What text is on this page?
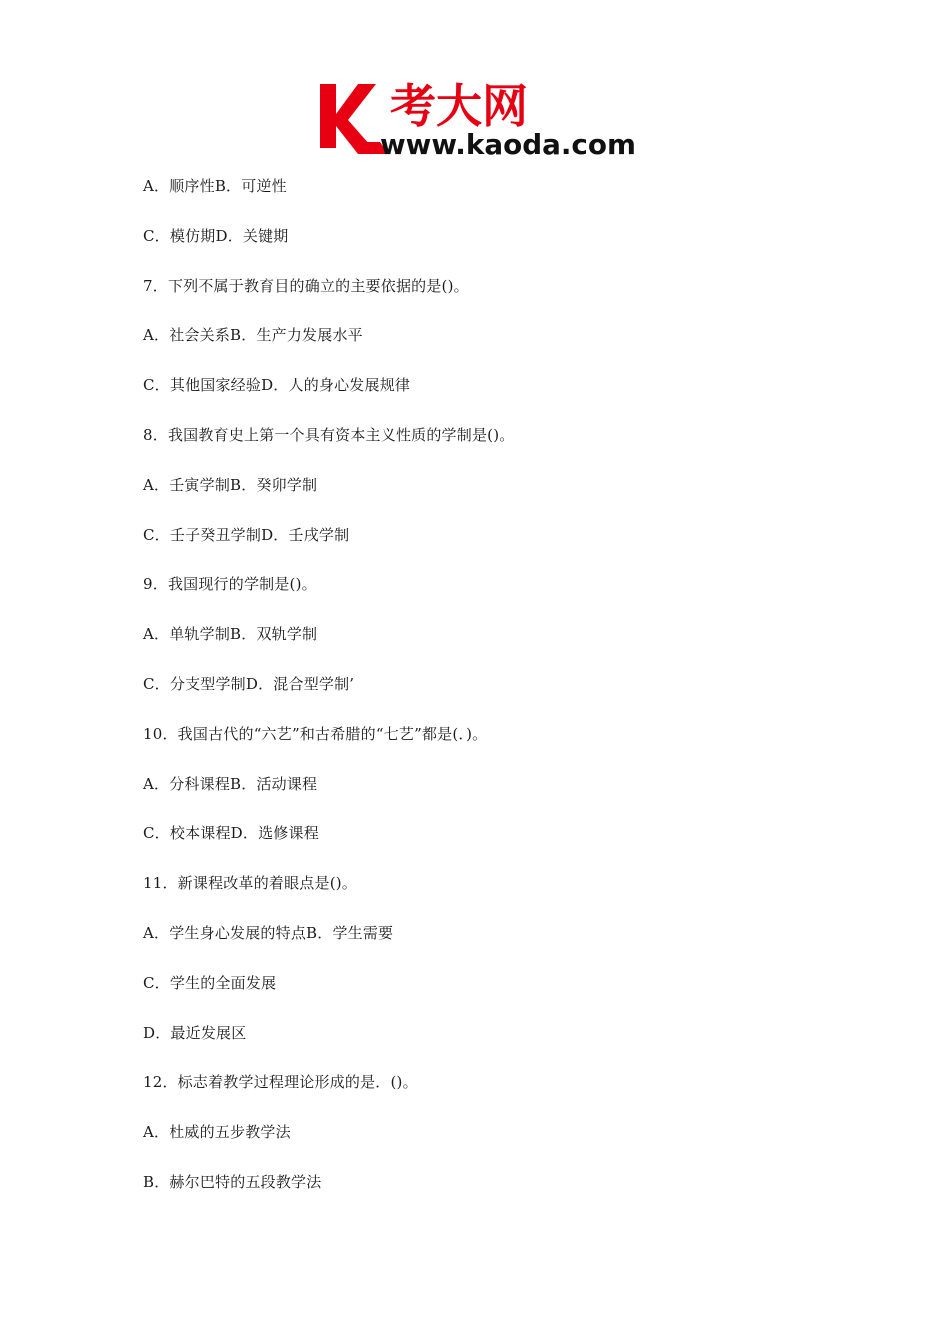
考大网
www.kaoda.com
A．顺序性B．可逆性
C．模仿期D．关键期
7．下列不属于教育目的确立的主要依据的是()。
A．社会关系B．生产力发展水平
C．其他国家经验D．人的身心发展规律
8．我国教育史上第一个具有资本主义性质的学制是()。
A．壬寅学制B．癸卯学制
C．壬子癸丑学制D．壬戌学制
9．我国现行的学制是()。
A．单轨学制B．双轨学制
C．分支型学制D．混合型学制’
10．我国古代的“六艺”和古希腊的“七艺”都是(．)。
A．分科课程B．活动课程
C．校本课程D．选修课程
11．新课程改革的着眼点是()。
A．学生身心发展的特点B．学生需要
C．学生的全面发展
D．最近发展区
12．标志着教学过程理论形成的是．()。
A．杜威的五步教学法
B．赫尔巴特的五段教学法
